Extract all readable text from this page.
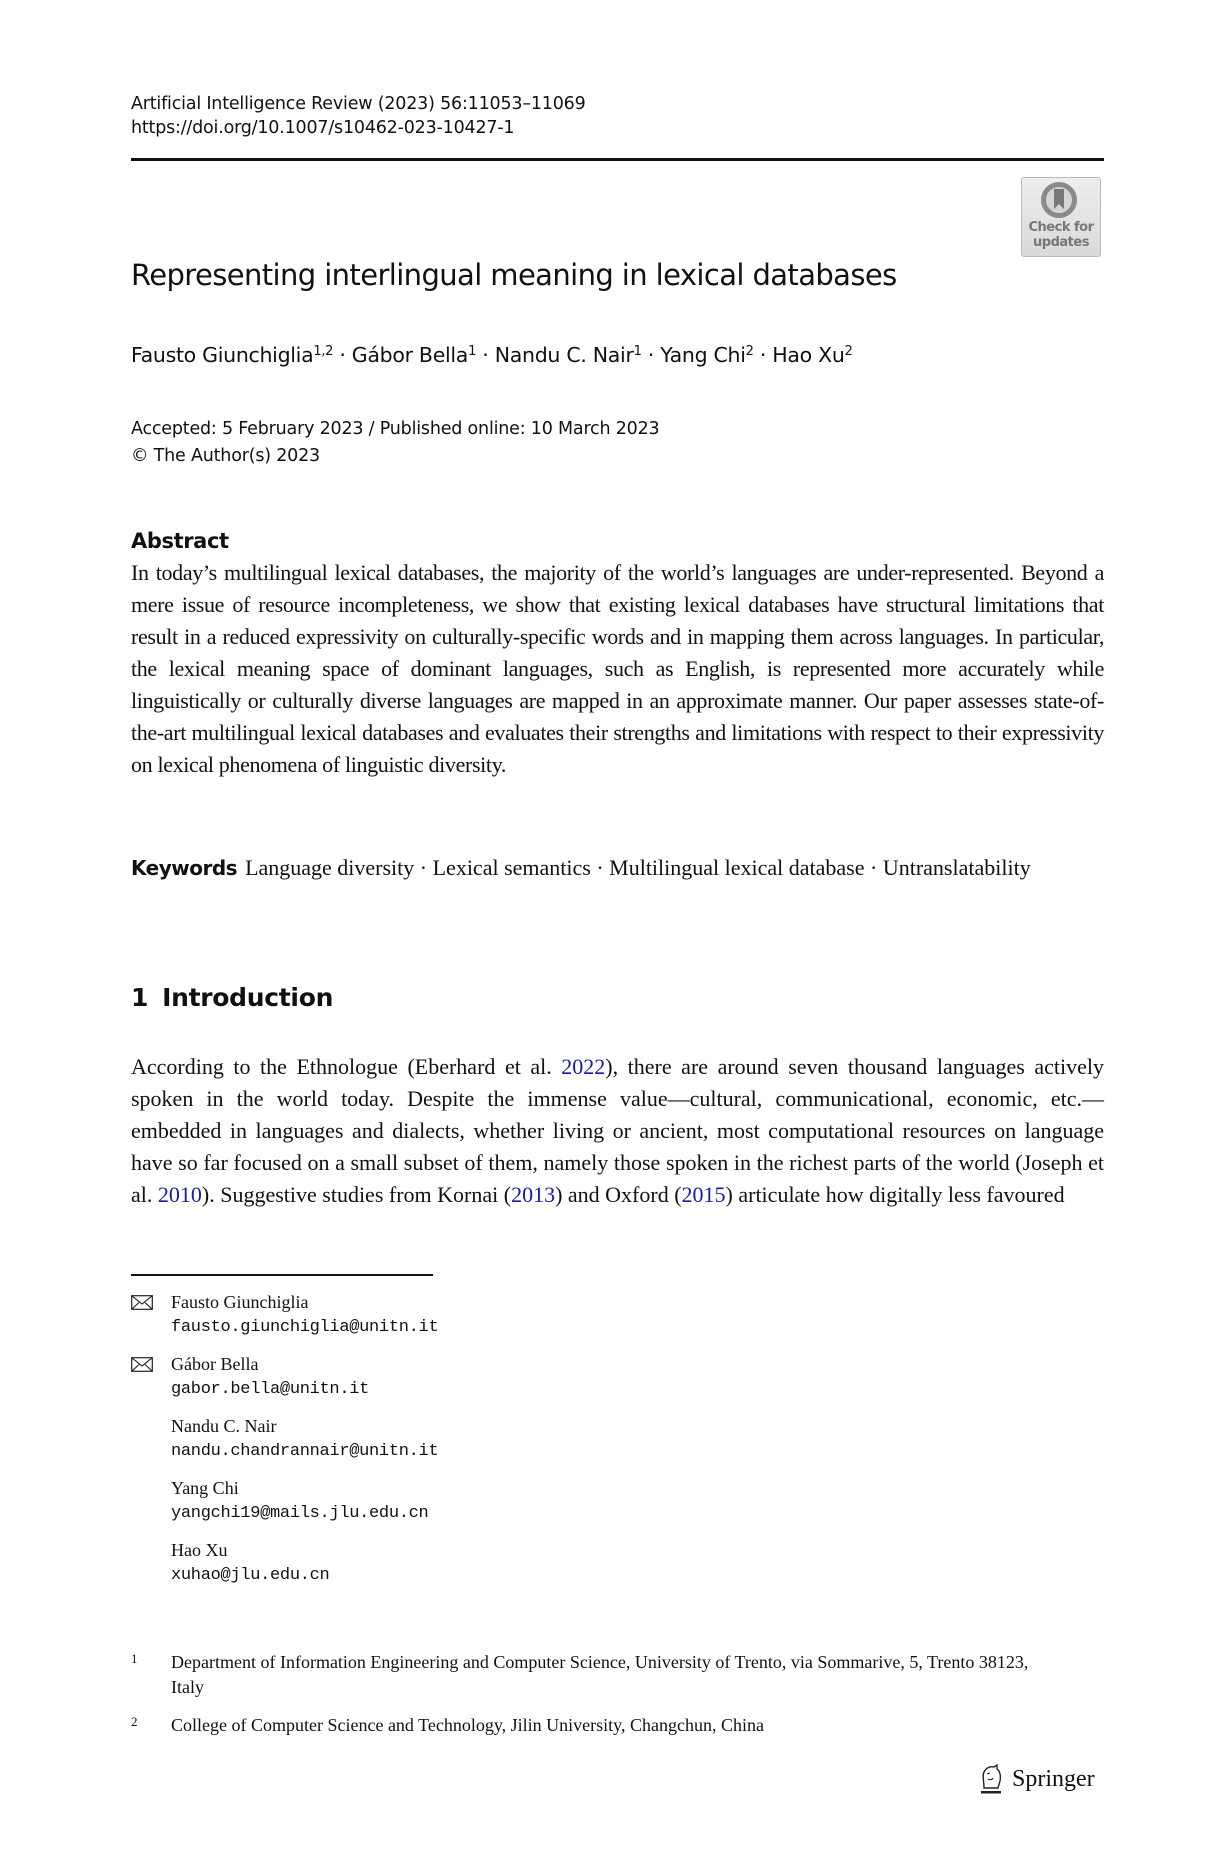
Artificial Intelligence Review (2023) 56:11053–11069
https://doi.org/10.1007/s10462-023-10427-1
Check for
updates
Representing interlingual meaning in lexical databases
Fausto Giunchiglia$^{1,2}$ · Gábor Bella$^1$ · Nandu C. Nair$^1$ · Yang Chi$^2$ · Hao Xu$^2$
Accepted: 5 February 2023 / Published online: 10 March 2023
© The Author(s) 2023
Abstract
In today’s multilingual lexical databases, the majority of the world’s languages are under-represented. Beyond a mere issue of resource incompleteness, we show that existing lexical databases have structural limitations that result in a reduced expressivity on culturally-specific words and in mapping them across languages. In particular, the lexical meaning space of dominant languages, such as English, is represented more accurately while linguistically or culturally diverse languages are mapped in an approximate manner. Our paper assesses state-of-the-art multilingual lexical databases and evaluates their strengths and limitations with respect to their expressivity on lexical phenomena of linguistic diversity.
Keywords Language diversity · Lexical semantics · Multilingual lexical database · Untranslatability
1 Introduction
According to the Ethnologue (Eberhard et al. 2022), there are around seven thousand languages actively spoken in the world today. Despite the immense value—cultural, communicational, economic, etc.—embedded in languages and dialects, whether living or ancient, most computational resources on language have so far focused on a small subset of them, namely those spoken in the richest parts of the world (Joseph et al. 2010). Suggestive studies from Kornai (2013) and Oxford (2015) articulate how digitally less favoured
Fausto Giunchiglia
fausto.giunchiglia@unitn.it
Gábor Bella
gabor.bella@unitn.it
Nandu C. Nair
nandu.chandrannair@unitn.it
Yang Chi
yangchi19@mails.jlu.edu.cn
Hao Xu
xuhao@jlu.edu.cn
1 Department of Information Engineering and Computer Science, University of Trento, via Sommarive, 5, Trento 38123, Italy
2 College of Computer Science and Technology, Jilin University, Changchun, China
Springer
